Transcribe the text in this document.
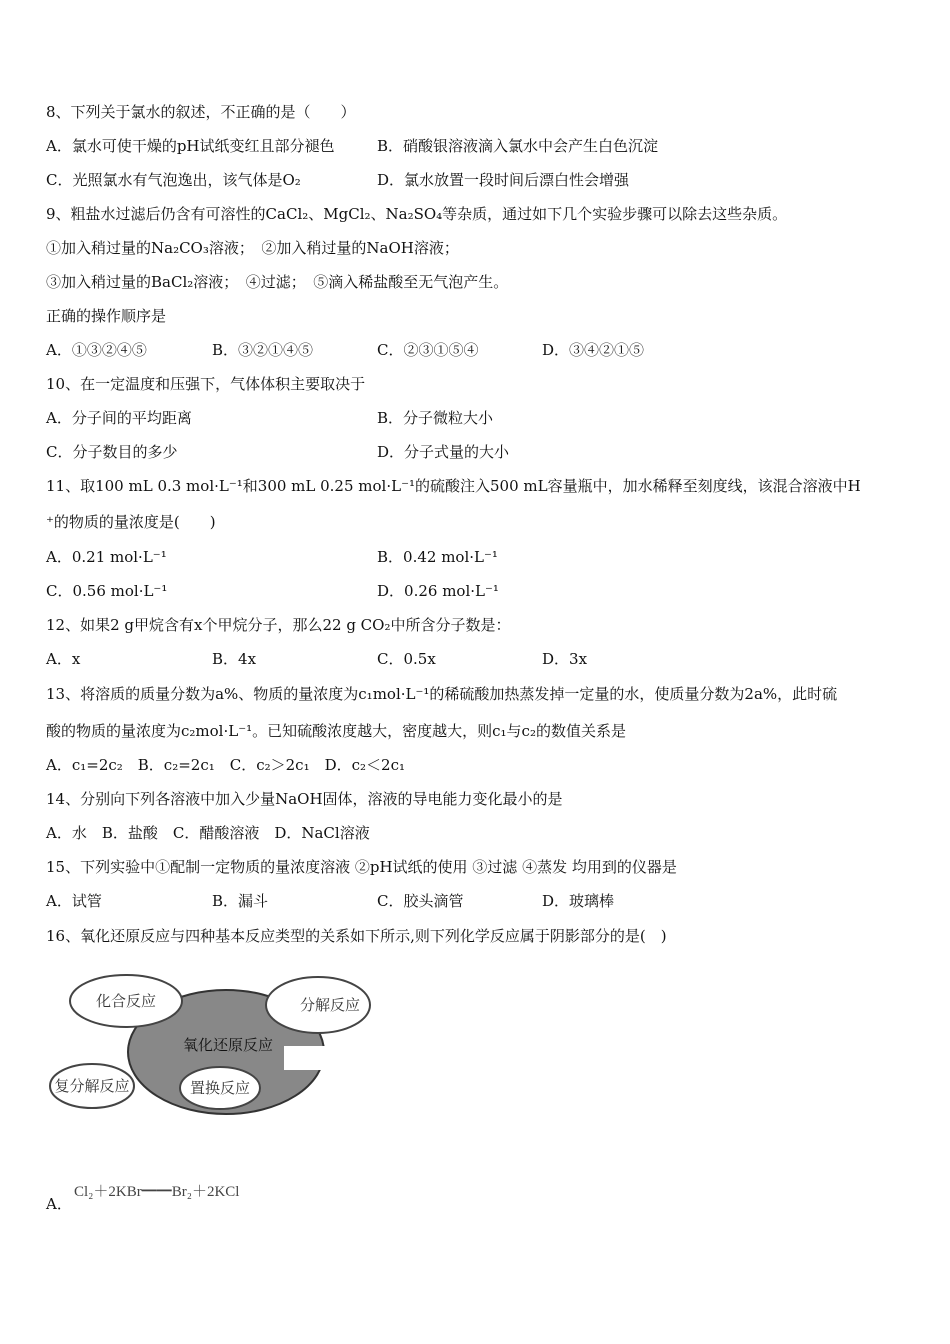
8、下列关于氯水的叙述，不正确的是（　　）
A．氯水可使干燥的pH试纸变红且部分褪色	B．硝酸银溶液滴入氯水中会产生白色沉淀
C．光照氯水有气泡逸出，该气体是O₂	D．氯水放置一段时间后漂白性会增强
9、粗盐水过滤后仍含有可溶性的CaCl₂、MgCl₂、Na₂SO₄等杂质，通过如下几个实验步骤可以除去这些杂质。
①加入稍过量的Na₂CO₃溶液；　②加入稍过量的NaOH溶液；
③加入稍过量的BaCl₂溶液；　④过滤；　⑤滴入稀盐酸至无气泡产生。
正确的操作顺序是
A．①③②④⑤	B．③②①④⑤	C．②③①⑤④	D．③④②①⑤
10、在一定温度和压强下，气体体积主要取决于
A．分子间的平均距离	B．分子微粒大小
C．分子数目的多少	D．分子式量的大小
11、取100 mL 0.3 mol·L⁻¹和300 mL 0.25 mol·L⁻¹的硫酸注入500 mL容量瓶中，加水稀释至刻度线，该混合溶液中H
⁺的物质的量浓度是(　　)
A．0.21 mol·L⁻¹	B．0.42 mol·L⁻¹
C．0.56 mol·L⁻¹	D．0.26 mol·L⁻¹
12、如果2 g甲烷含有x个甲烷分子，那么22 g CO₂中所含分子数是：
A．x	B．4x	C．0.5x	D．3x
13、将溶质的质量分数为a%、物质的量浓度为c₁mol·L⁻¹的稀硫酸加热蒸发掉一定量的水，使质量分数为2a%，此时硫
酸的物质的量浓度为c₂mol·L⁻¹。已知硫酸浓度越大，密度越大，则c₁与c₂的数值关系是
A．c₁=2c₂　B．c₂=2c₁　C．c₂＞2c₁　D．c₂＜2c₁
14、分别向下列各溶液中加入少量NaOH固体，溶液的导电能力变化最小的是
A．水　B．盐酸　C．醋酸溶液　D．NaCl溶液
15、下列实验中①配制一定物质的量浓度溶液 ②pH试纸的使用 ③过滤 ④蒸发 均用到的仪器是
A．试管	B．漏斗	C．胶头滴管	D．玻璃棒
16、氧化还原反应与四种基本反应类型的关系如下所示,则下列化学反应属于阴影部分的是(　)
化合反应	分解反应
氧化还原反应
复分解反应	置换反应
A．
Cl₂＋2KBr━━Br₂＋2KCl
